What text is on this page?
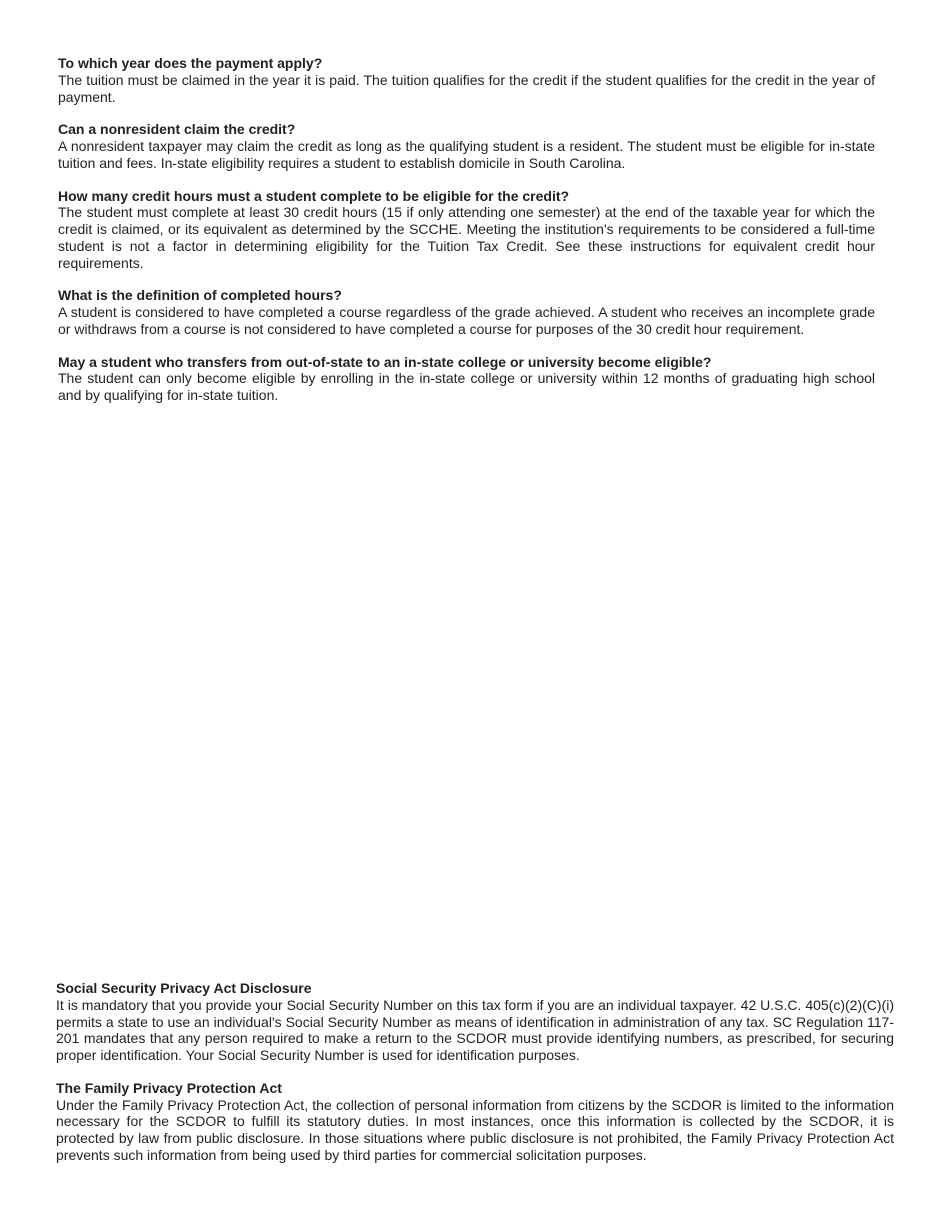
To which year does the payment apply?

The tuition must be claimed in the year it is paid. The tuition qualifies for the credit if the student qualifies for the credit in the year of payment.

Can a nonresident claim the credit?

A nonresident taxpayer may claim the credit as long as the qualifying student is a resident. The student must be eligible for in-state tuition and fees. In-state eligibility requires a student to establish domicile in South Carolina.

How many credit hours must a student complete to be eligible for the credit?

The student must complete at least 30 credit hours (15 if only attending one semester) at the end of the taxable year for which the credit is claimed, or its equivalent as determined by the SCCHE. Meeting the institution's requirements to be considered a full-time student is not a factor in determining eligibility for the Tuition Tax Credit. See these instructions for equivalent credit hour requirements.

What is the definition of completed hours?

A student is considered to have completed a course regardless of the grade achieved. A student who receives an incomplete grade or withdraws from a course is not considered to have completed a course for purposes of the 30 credit hour requirement.

May a student who transfers from out-of-state to an in-state college or university become eligible?

The student can only become eligible by enrolling in the in-state college or university within 12 months of graduating high school and by qualifying for in-state tuition.

Social Security Privacy Act Disclosure

It is mandatory that you provide your Social Security Number on this tax form if you are an individual taxpayer. 42 U.S.C. 405(c)(2)(C)(i) permits a state to use an individual's Social Security Number as means of identification in administration of any tax. SC Regulation 117-201 mandates that any person required to make a return to the SCDOR must provide identifying numbers, as prescribed, for securing proper identification. Your Social Security Number is used for identification purposes.

The Family Privacy Protection Act

Under the Family Privacy Protection Act, the collection of personal information from citizens by the SCDOR is limited to the information necessary for the SCDOR to fulfill its statutory duties. In most instances, once this information is collected by the SCDOR, it is protected by law from public disclosure. In those situations where public disclosure is not prohibited, the Family Privacy Protection Act prevents such information from being used by third parties for commercial solicitation purposes.
